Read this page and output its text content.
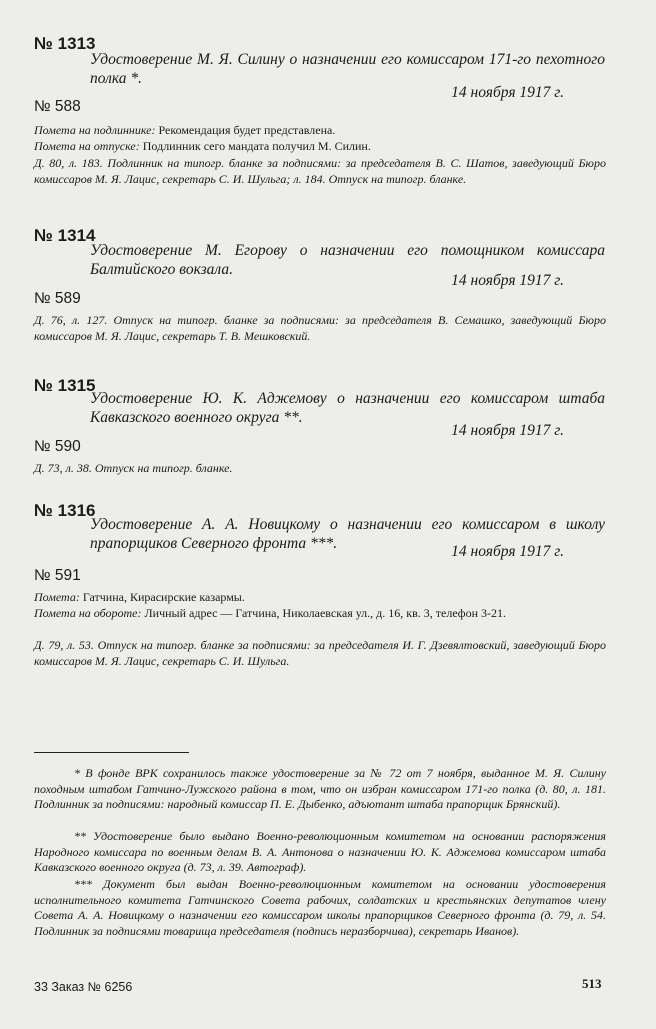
№ 1313
Удостоверение М. Я. Силину о назначении его комиссаром 171-го пехотного полка *.
14 ноября 1917 г.
№ 588
Помета на подлиннике: Рекомендация будет представлена.
Помета на отпуске: Подлинник сего мандата получил М. Силин.
Д. 80, л. 183. Подлинник на типогр. бланке за подписями: за председателя В. С. Шатов, заведующий Бюро комиссаров М. Я. Лацис, секретарь С. И. Шульга; л. 184. Отпуск на типогр. бланке.
№ 1314
Удостоверение М. Егорову о назначении его помощником комиссара Балтийского вокзала.
14 ноября 1917 г.
№ 589
Д. 76, л. 127. Отпуск на типогр. бланке за подписями: за председателя В. Семашко, заведующий Бюро комиссаров М. Я. Лацис, секретарь Т. В. Мешковский.
№ 1315
Удостоверение Ю. К. Аджемову о назначении его комиссаром штаба Кавказского военного округа **.
14 ноября 1917 г.
№ 590
Д. 73, л. 38. Отпуск на типогр. бланке.
№ 1316
Удостоверение А. А. Новицкому о назначении его комиссаром в школу прапорщиков Северного фронта ***.	14 ноября 1917 г.
№ 591
Помета: Гатчина, Кирасирские казармы.
Помета на обороте: Личный адрес — Гатчина, Николаевская ул., д. 16, кв. 3, телефон 3-21.
Д. 79, л. 53. Отпуск на типогр. бланке за подписями: за председателя И. Г. Дзевялтовский, заведующий Бюро комиссаров М. Я. Лацис, секретарь С. И. Шульга.
* В фонде ВРК сохранилось также удостоверение за № 72 от 7 ноября, выданное М. Я. Силину походным штабом Гатчино-Лужского района в том, что он избран комиссаром 171-го полка (д. 80, л. 181. Подлинник за подписями: народный комиссар П. Е. Дыбенко, адъютант штаба прапорщик Брянский).
** Удостоверение было выдано Военно-революционным комитетом на основании распоряжения Народного комиссара по военным делам В. А. Антонова о назначении Ю. К. Аджемова комиссаром штаба Кавказского военного округа (д. 73, л. 39. Автограф).
*** Документ был выдан Военно-революционным комитетом на основании удостоверения исполнительного комитета Гатчинского Совета рабочих, солдатских и крестьянских депутатов члену Совета А. А. Новицкому о назначении его комиссаром школы прапорщиков Северного фронта (д. 79, л. 54. Подлинник за подписями товарища председателя (подпись неразборчива), секретарь Иванов).
33 Заказ № 6256	513
